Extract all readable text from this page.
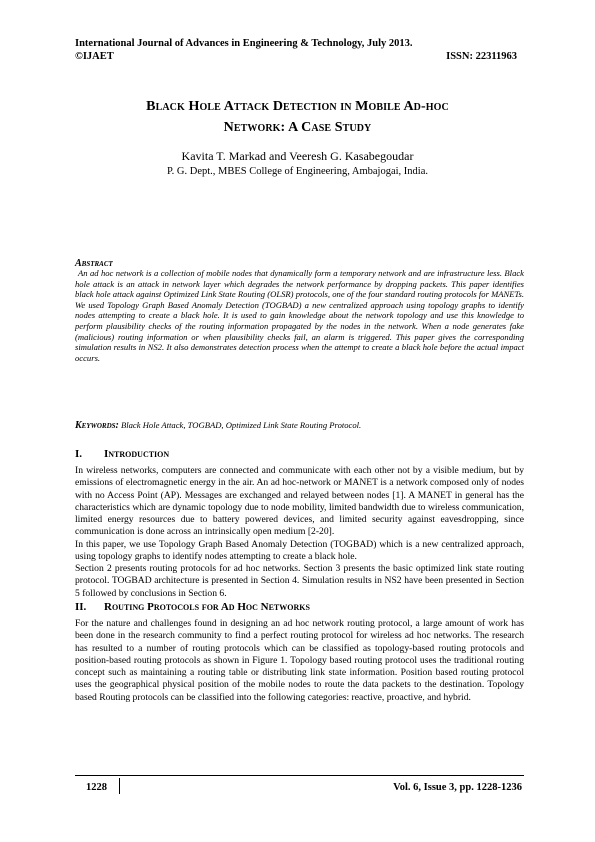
International Journal of Advances in Engineering & Technology, July 2013.
©IJAET	ISSN: 22311963
Black Hole Attack Detection in Mobile Ad-hoc
Network: A Case Study
Kavita T. Markad and Veeresh G. Kasabegoudar
P. G. Dept., MBES College of Engineering, Ambajogai, India.
Abstract

An ad hoc network is a collection of mobile nodes that dynamically form a temporary network and are infrastructure less. Black hole attack is an attack in network layer which degrades the network performance by dropping packets. This paper identifies black hole attack against Optimized Link State Routing (OLSR) protocols, one of the four standard routing protocols for MANETs. We used Topology Graph Based Anomaly Detection (TOGBAD) a new centralized approach using topology graphs to identify nodes attempting to create a black hole. It is used to gain knowledge about the network topology and use this knowledge to perform plausibility checks of the routing information propagated by the nodes in the network. When a node generates fake (malicious) routing information or when plausibility checks fail, an alarm is triggered. This paper gives the corresponding simulation results in NS2. It also demonstrates detection process when the attempt to create a black hole before the actual impact occurs.

Keywords: Black Hole Attack, TOGBAD, Optimized Link State Routing Protocol.
I. Introduction

In wireless networks, computers are connected and communicate with each other not by a visible medium, but by emissions of electromagnetic energy in the air. An ad hoc-network or MANET is a network composed only of nodes with no Access Point (AP). Messages are exchanged and relayed between nodes [1]. A MANET in general has the characteristics which are dynamic topology due to node mobility, limited bandwidth due to wireless communication, limited energy resources due to battery powered devices, and limited security against eavesdropping, since communication is done across an intrinsically open medium [2-20].

In this paper, we use Topology Graph Based Anomaly Detection (TOGBAD) which is a new centralized approach, using topology graphs to identify nodes attempting to create a black hole.

Section 2 presents routing protocols for ad hoc networks. Section 3 presents the basic optimized link state routing protocol. TOGBAD architecture is presented in Section 4. Simulation results in NS2 have been presented in Section 5 followed by conclusions in Section 6.

II. Routing Protocols for Ad Hoc Networks

For the nature and challenges found in designing an ad hoc network routing protocol, a large amount of work has been done in the research community to find a perfect routing protocol for wireless ad hoc networks. The research has resulted to a number of routing protocols which can be classified as topology-based routing protocols and position-based routing protocols as shown in Figure 1. Topology based routing protocol uses the traditional routing concept such as maintaining a routing table or distributing link state information. Position based routing protocol uses the geographical physical position of the mobile nodes to route the data packets to the destination. Topology based Routing protocols can be classified into the following categories: reactive, proactive, and hybrid.

1228	Vol. 6, Issue 3, pp. 1228-1236
